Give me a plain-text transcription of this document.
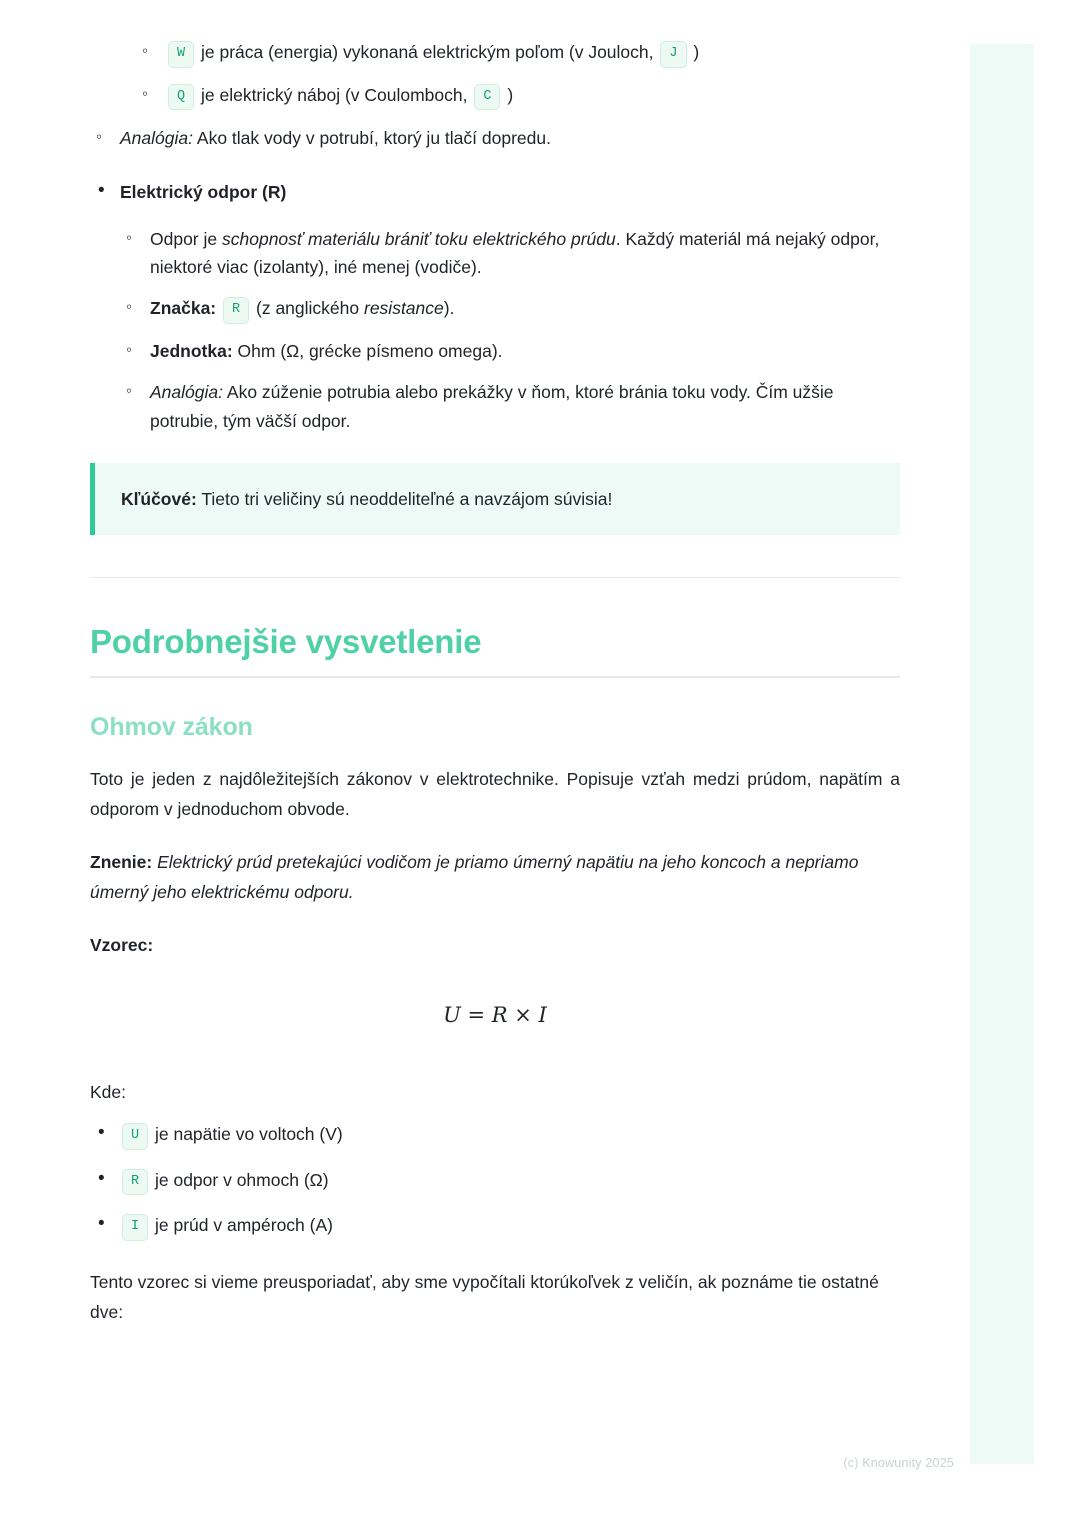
◦ W je práca (energia) vykonaná elektrickým poľom (v Jouloch, J )
◦ Q je elektrický náboj (v Coulomboch, C )
◦ Analógia: Ako tlak vody v potrubí, ktorý ju tlačí dopredu.
• Elektrický odpor (R)
◦ Odpor je schopnosť materiálu brániť toku elektrického prúdu. Každý materiál má nejaký odpor, niektoré viac (izolanty), iné menej (vodiče).
◦ Značka: R (z anglického resistance).
◦ Jednotka: Ohm (Ω, grécke písmeno omega).
◦ Analógia: Ako zúženie potrubia alebo prekážky v ňom, ktoré bránia toku vody. Čím užšie potrubie, tým väčší odpor.
Kľúčové: Tieto tri veličiny sú neoddeliteľné a navzájom súvisia!
Podrobnejšie vysvetlenie
Ohmov zákon

Toto je jeden z najdôležitejších zákonov v elektrotechnike. Popisuje vzťah medzi prúdom, napätím a odporom v jednoduchom obvode.

Znenie: Elektrický prúd pretekajúci vodičom je priamo úmerný napätiu na jeho koncoch a nepriamo úmerný jeho elektrickému odporu.

Vzorec:

U = R × I

Kde:

• U je napätie vo voltoch (V)
• R je odpor v ohmoch (Ω)
• I je prúd v ampéroch (A)

Tento vzorec si vieme preusporiadať, aby sme vypočítali ktorúkoľvek z veličín, ak poznáme tie ostatné dve:

(c) Knowunity 2025
